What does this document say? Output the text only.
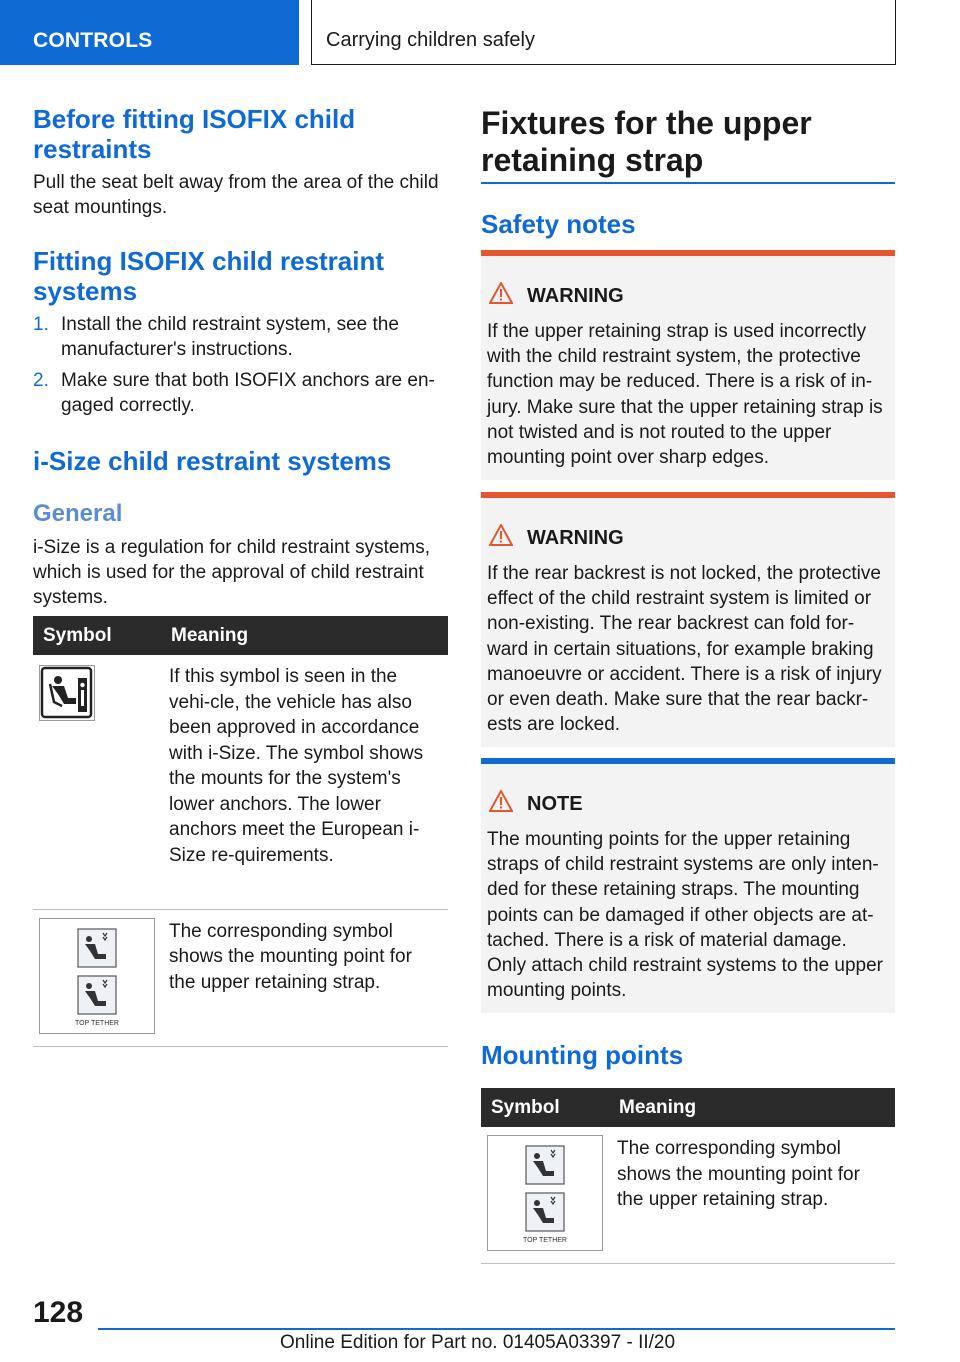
CONTROLS	Carrying children safely
Before fitting ISOFIX child restraints

Pull the seat belt away from the area of the child seat mountings.

Fitting ISOFIX child restraint systems
1. Install the child restraint system, see the manufacturer's instructions.
2. Make sure that both ISOFIX anchors are en‐gaged correctly.
i-Size child restraint systems
General

i-Size is a regulation for child restraint systems, which is used for the approval of child restraint systems.

Symbol	Meaning

	If this symbol is seen in the vehi‐cle, the vehicle has also been approved in accordance with i-Size. The symbol shows the mounts for the system's lower anchors. The lower anchors meet the European i-Size re‐quirements.

TOP TETHER	The corresponding symbol shows the mounting point for the upper retaining strap.
Fixtures for the upper retaining strap
Safety notes
WARNING

If the upper retaining strap is used incorrectly with the child restraint system, the protective function may be reduced. There is a risk of in‐jury. Make sure that the upper retaining strap is not twisted and is not routed to the upper mounting point over sharp edges.

WARNING

If the rear backrest is not locked, the protective effect of the child restraint system is limited or non-existing. The rear backrest can fold for‐ward in certain situations, for example braking manoeuvre or accident. There is a risk of injury or even death. Make sure that the rear backr‐ests are locked.

NOTE

The mounting points for the upper retaining straps of child restraint systems are only inten‐ded for these retaining straps. The mounting points can be damaged if other objects are at‐tached. There is a risk of material damage. Only attach child restraint systems to the upper mounting points.

Mounting points
Symbol	Meaning

TOP TETHER	The corresponding symbol shows the mounting point for the upper retaining strap.
128
Online Edition for Part no. 01405A03397 - II/20
